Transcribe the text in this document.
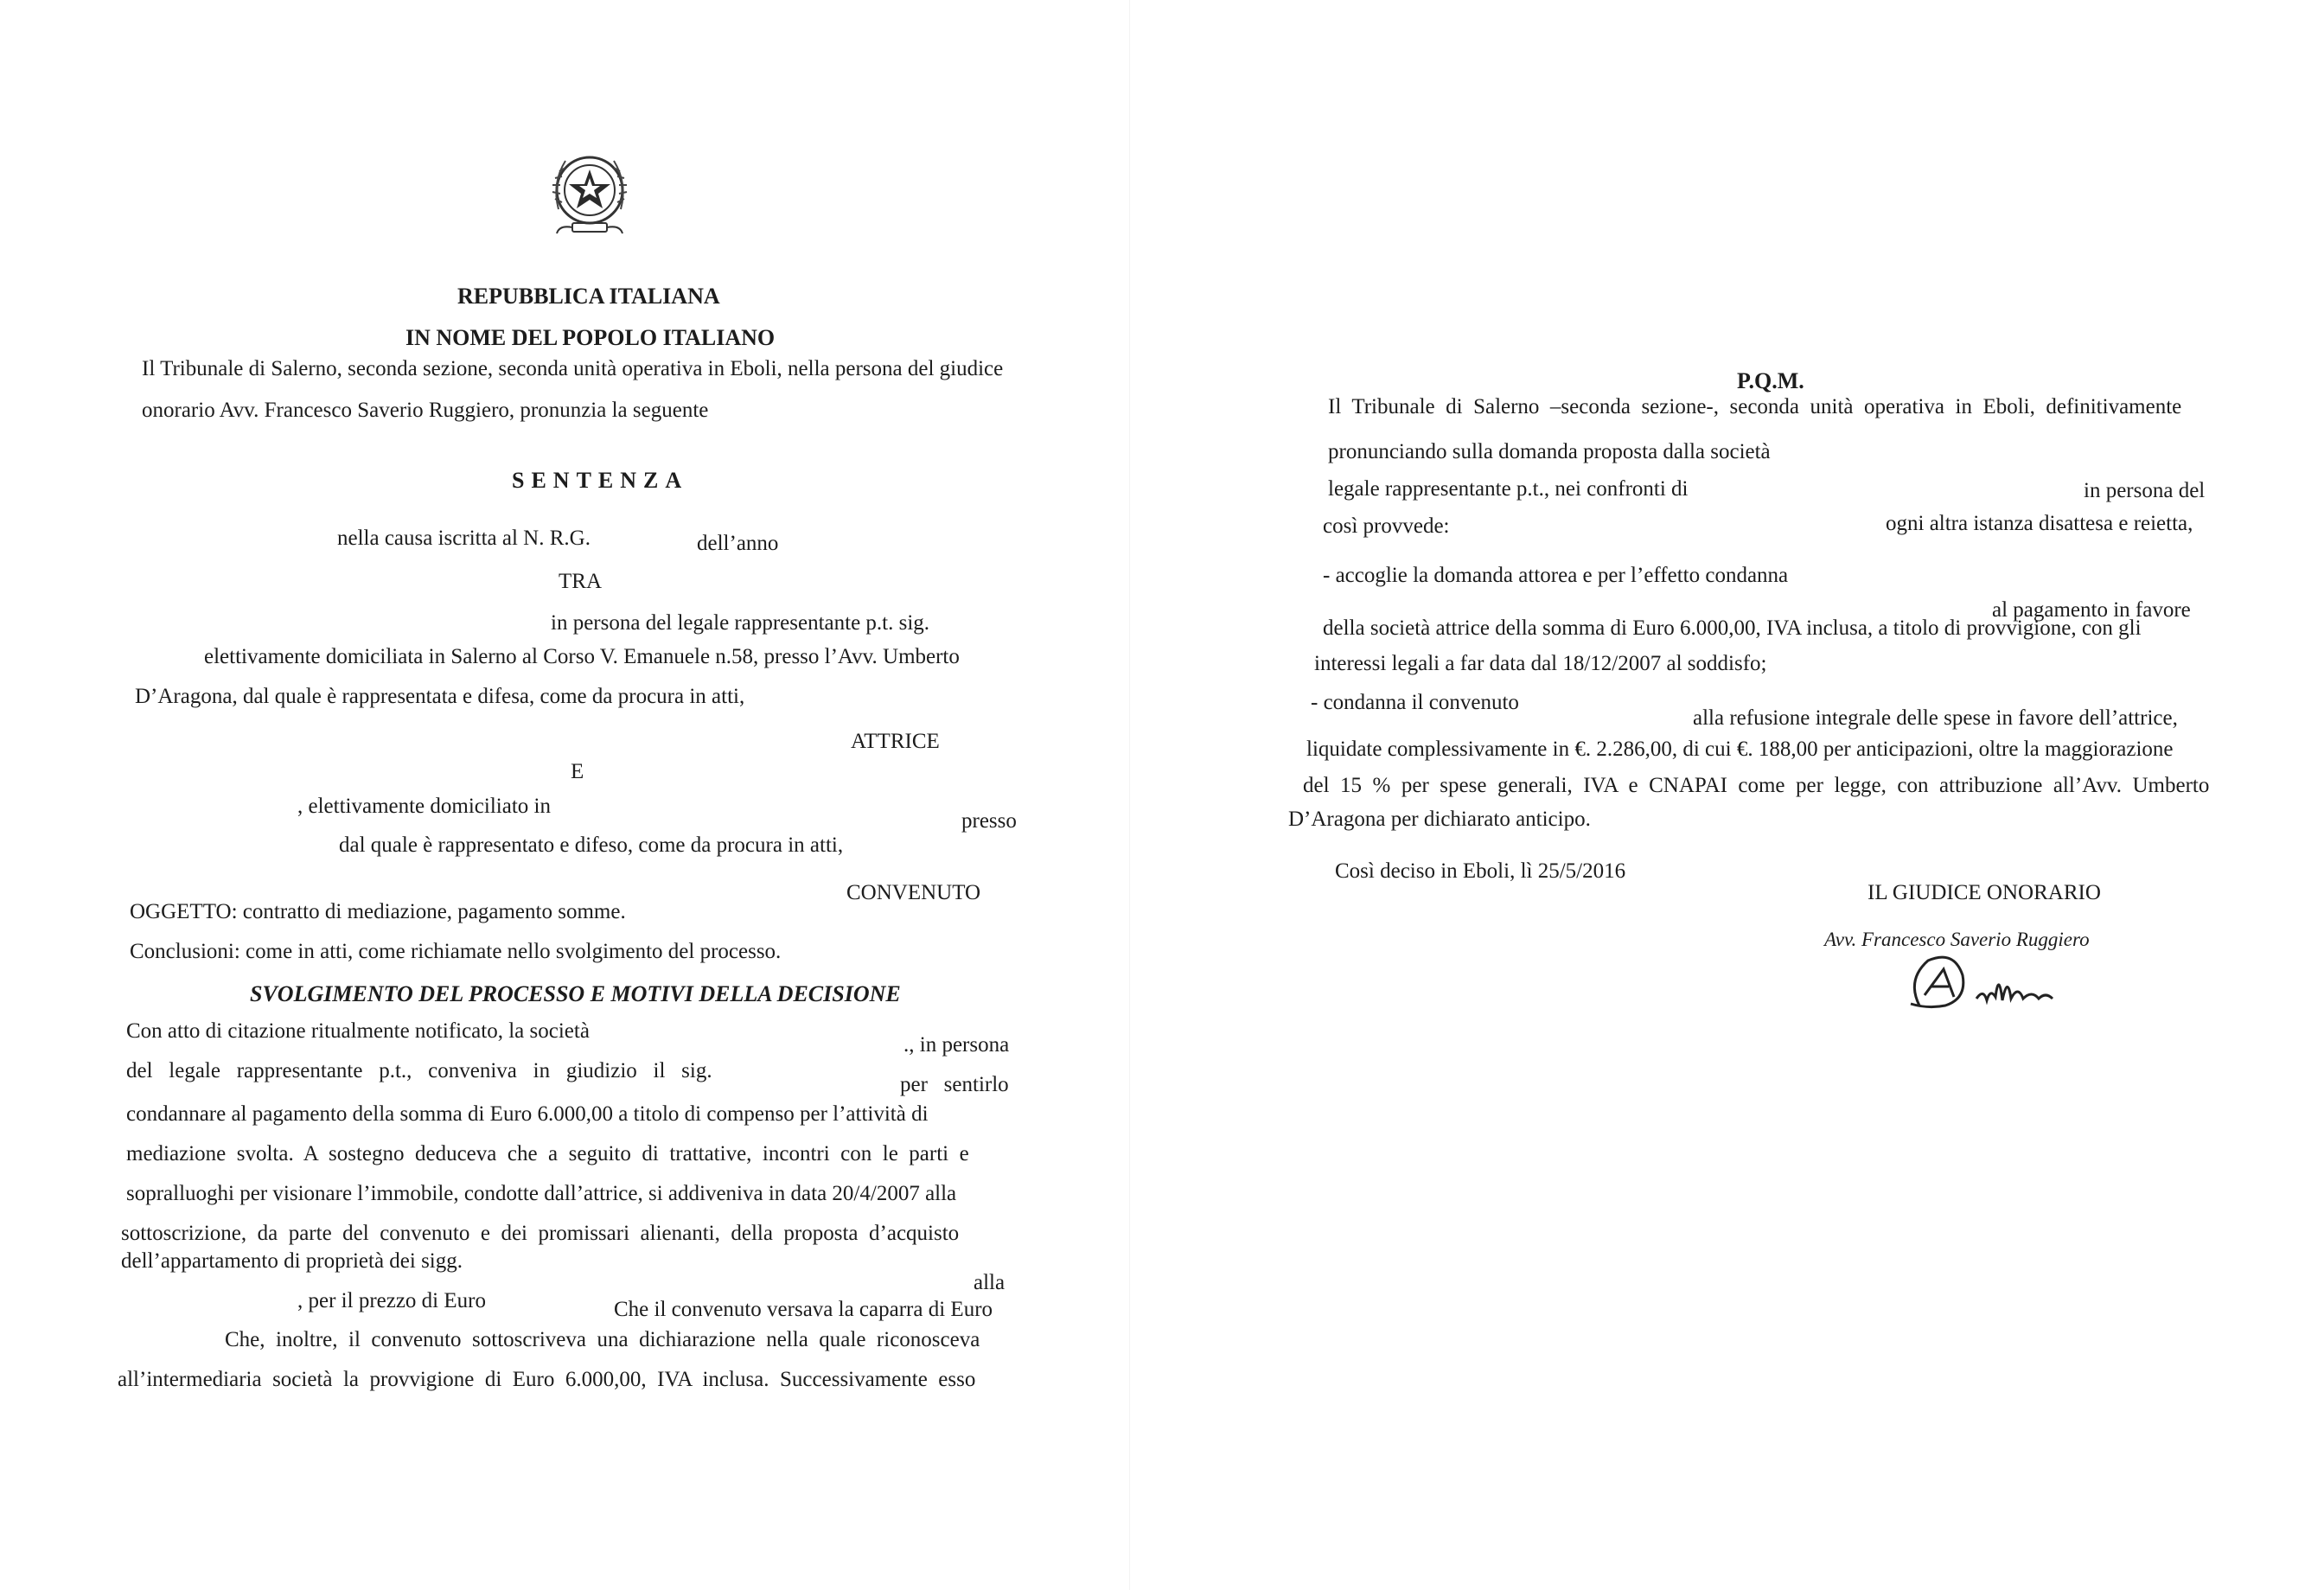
REPUBBLICA ITALIANA
IN NOME DEL POPOLO ITALIANO
Il Tribunale di Salerno, seconda sezione, seconda unità operativa in Eboli, nella persona del giudice
onorario Avv. Francesco Saverio Ruggiero, pronunzia la seguente
SENTENZA
nella causa iscritta al N. R.G.	dell’anno
TRA
in persona del legale rappresentante p.t. sig.
elettivamente domiciliata in Salerno al Corso V. Emanuele n.58, presso l’Avv. Umberto
D’Aragona, dal quale è rappresentata e difesa, come da procura in atti,
ATTRICE
E
, elettivamente domiciliato in
presso
dal quale è rappresentato e difeso, come da procura in atti,
CONVENUTO
OGGETTO: contratto di mediazione, pagamento somme.
Conclusioni: come in atti, come richiamate nello svolgimento del processo.
SVOLGIMENTO DEL PROCESSO E MOTIVI DELLA DECISIONE
Con atto di citazione ritualmente notificato, la società
., in persona
del   legale   rappresentante   p.t.,   conveniva   in   giudizio   il   sig.
per   sentirlo
condannare al pagamento della somma di Euro 6.000,00 a titolo di compenso per l’attività di
mediazione  svolta.  A  sostegno  deduceva  che  a  seguito  di  trattative,  incontri  con  le  parti  e
sopralluoghi per visionare l’immobile, condotte dall’attrice, si addiveniva in data 20/4/2007 alla
sottoscrizione,  da  parte  del  convenuto  e  dei  promissari  alienanti,  della  proposta  d’acquisto
dell’appartamento di proprietà dei sigg.
alla
, per il prezzo di Euro	Che il convenuto versava la caparra di Euro
Che,  inoltre,  il  convenuto  sottoscriveva  una  dichiarazione  nella  quale  riconosceva
all’intermediaria  società  la  provvigione  di  Euro  6.000,00,  IVA  inclusa.  Successivamente  esso
P.Q.M.
Il  Tribunale  di  Salerno  –seconda  sezione-,  seconda  unità  operativa  in  Eboli,  definitivamente
pronunciando sulla domanda proposta dalla società
legale rappresentante p.t., nei confronti di	in persona del
così provvede:	ogni altra istanza disattesa e reietta,
- accoglie la domanda attorea e per l’effetto condanna
al pagamento in favore
della società attrice della somma di Euro 6.000,00, IVA inclusa, a titolo di provvigione, con gli
interessi legali a far data dal 18/12/2007 al soddisfo;
- condanna il convenuto
alla refusione integrale delle spese in favore dell’attrice,
liquidate complessivamente in €. 2.286,00, di cui €. 188,00 per anticipazioni, oltre la maggiorazione
del  15  %  per  spese  generali,  IVA  e  CNAPAI  come  per  legge,  con  attribuzione  all’Avv.  Umberto
D’Aragona per dichiarato anticipo.
Così deciso in Eboli, lì 25/5/2016
IL GIUDICE ONORARIO
Avv. Francesco Saverio Ruggiero
